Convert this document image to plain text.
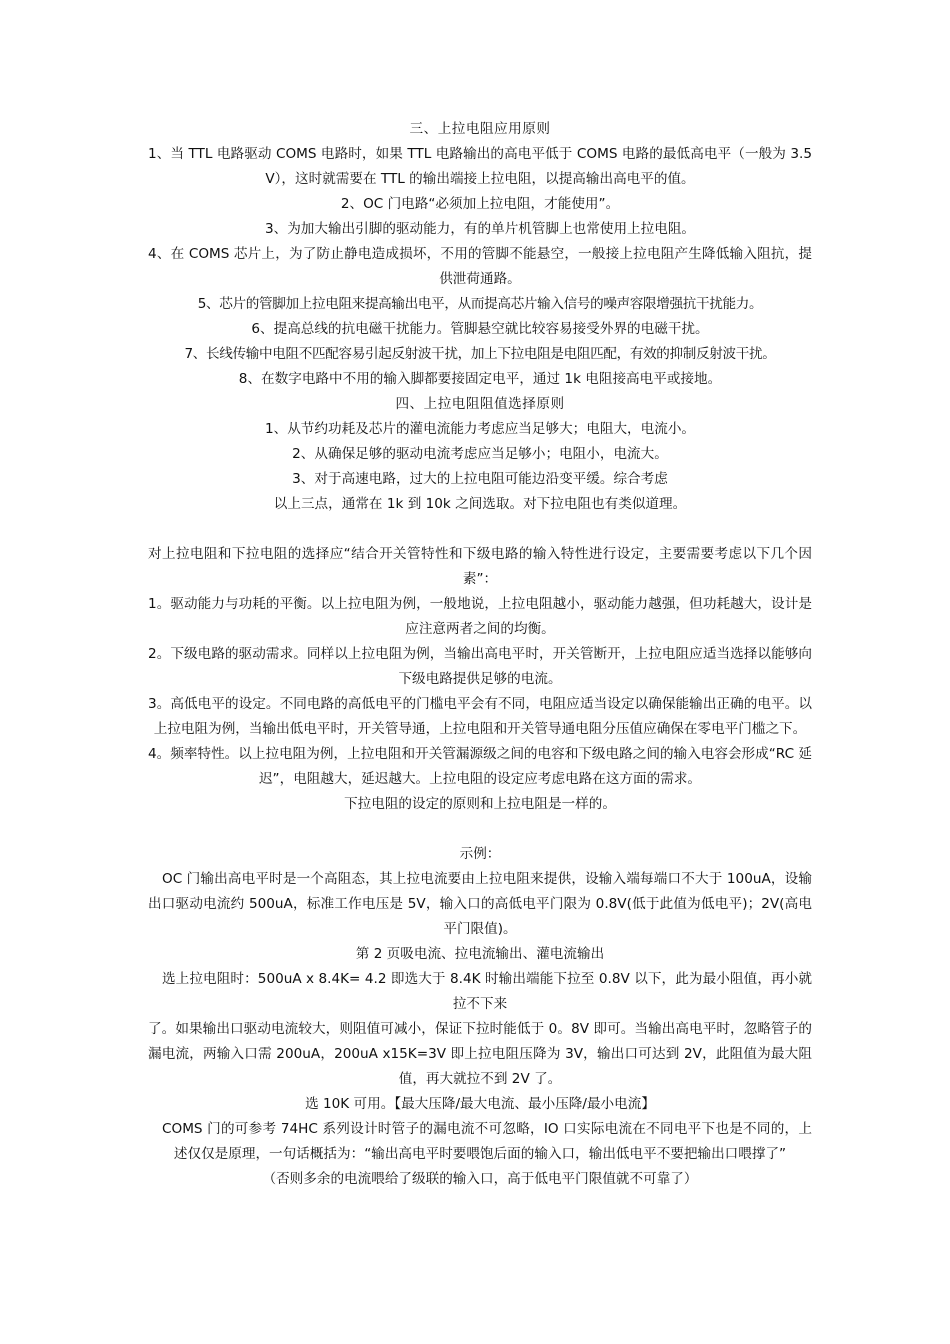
三、上拉电阻应用原则

1、当 TTL 电路驱动 COMS 电路时，如果 TTL 电路输出的高电平低于 COMS 电路的最低高电平（一般为 3.5V），这时就需要在 TTL 的输出端接上拉电阻，以提高输出高电平的值。

2、OC 门电路“必须加上拉电阻，才能使用”。

3、为加大输出引脚的驱动能力，有的单片机管脚上也常使用上拉电阻。

4、在 COMS 芯片上，为了防止静电造成损坏，不用的管脚不能悬空，一般接上拉电阻产生降低输入阻抗，提供泄荷通路。

5、芯片的管脚加上拉电阻来提高输出电平，从而提高芯片输入信号的噪声容限增强抗干扰能力。

6、提高总线的抗电磁干扰能力。管脚悬空就比较容易接受外界的电磁干扰。

7、长线传输中电阻不匹配容易引起反射波干扰，加上下拉电阻是电阻匹配，有效的抑制反射波干扰。

8、在数字电路中不用的输入脚都要接固定电平，通过 1k 电阻接高电平或接地。

四、上拉电阻阻值选择原则

1、从节约功耗及芯片的灌电流能力考虑应当足够大；电阻大，电流小。

2、从确保足够的驱动电流考虑应当足够小；电阻小，电流大。

3、对于高速电路，过大的上拉电阻可能边沿变平缓。综合考虑

以上三点，通常在 1k 到 10k 之间选取。对下拉电阻也有类似道理。

对上拉电阻和下拉电阻的选择应“结合开关管特性和下级电路的输入特性进行设定，主要需要考虑以下几个因素”：

1。驱动能力与功耗的平衡。以上拉电阻为例，一般地说，上拉电阻越小，驱动能力越强，但功耗越大，设计是应注意两者之间的均衡。

2。下级电路的驱动需求。同样以上拉电阻为例，当输出高电平时，开关管断开，上拉电阻应适当选择以能够向下级电路提供足够的电流。

3。高低电平的设定。不同电路的高低电平的门槛电平会有不同，电阻应适当设定以确保能输出正确的电平。以上拉电阻为例，当输出低电平时，开关管导通，上拉电阻和开关管导通电阻分压值应确保在零电平门槛之下。

4。频率特性。以上拉电阻为例，上拉电阻和开关管漏源级之间的电容和下级电路之间的输入电容会形成“RC 延迟”，电阻越大，延迟越大。上拉电阻的设定应考虑电路在这方面的需求。

下拉电阻的设定的原则和上拉电阻是一样的。

示例：

OC 门输出高电平时是一个高阻态，其上拉电流要由上拉电阻来提供，设输入端每端口不大于 100uA，设输出口驱动电流约 500uA，标准工作电压是 5V，输入口的高低电平门限为 0.8V(低于此值为低电平)；2V(高电平门限值)。

第 2 页吸电流、拉电流输出、灌电流输出

选上拉电阻时：500uA x 8.4K= 4.2 即选大于 8.4K 时输出端能下拉至 0.8V 以下，此为最小阻值，再小就拉不下来

了。如果输出口驱动电流较大，则阻值可减小，保证下拉时能低于 0。8V 即可。当输出高电平时，忽略管子的漏电流，两输入口需 200uA，200uA x15K=3V 即上拉电阻压降为 3V，输出口可达到 2V，此阻值为最大阻值，再大就拉不到 2V 了。

选 10K 可用。【最大压降/最大电流、最小压降/最小电流】

COMS 门的可参考 74HC 系列设计时管子的漏电流不可忽略，IO 口实际电流在不同电平下也是不同的，上述仅仅是原理，一句话概括为：“输出高电平时要喂饱后面的输入口，输出低电平不要把输出口喂撑了”

（否则多余的电流喂给了级联的输入口，高于低电平门限值就不可靠了）
